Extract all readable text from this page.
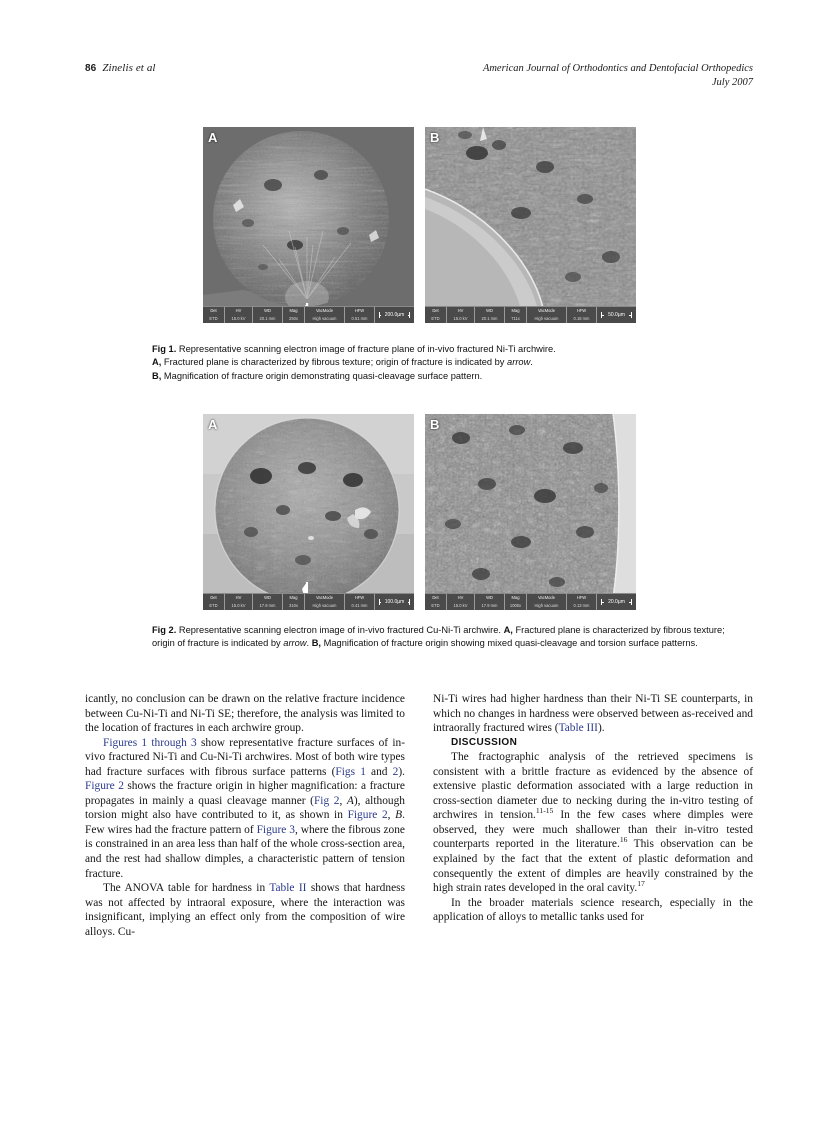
86 Zinelis et al	American Journal of Orthodontics and Dentofacial Orthopedics
July 2007
A
Det
ETD
HV
15.0 kV
WD
20.1 mm
Mag
250x
VacMode
High vacuum
HFW
0.51 mm
200.0µm
B
Det
ETD
HV
15.0 kV
WD
20.1 mm
Mag
711x
VacMode
High vacuum
HFW
0.18 mm
50.0µm
Fig 1. Representative scanning electron image of fracture plane of in-vivo fractured Ni-Ti archwire.
A, Fractured plane is characterized by fibrous texture; origin of fracture is indicated by arrow.
B, Magnification of fracture origin demonstrating quasi-cleavage surface pattern.
A
Det
ETD
HV
15.0 kV
WD
17.9 mm
Mag
310x
VacMode
High vacuum
HFW
0.41 mm
100.0µm
B
Det
ETD
HV
15.0 kV
WD
17.9 mm
Mag
1000x
VacMode
High vacuum
HFW
0.13 mm
20.0µm
Fig 2. Representative scanning electron image of in-vivo fractured Cu-Ni-Ti archwire. A, Fractured plane is characterized by fibrous texture; origin of fracture is indicated by arrow. B, Magnification of fracture origin showing mixed quasi-cleavage and torsion surface patterns.

icantly, no conclusion can be drawn on the relative fracture incidence between Cu-Ni-Ti and Ni-Ti SE; therefore, the analysis was limited to the location of fractures in each archwire group.

Figures 1 through 3 show representative fracture surfaces of in-vivo fractured Ni-Ti and Cu-Ni-Ti archwires. Most of both wire types had fracture surfaces with fibrous surface patterns (Figs 1 and 2). Figure 2 shows the fracture origin in higher magnification: a fracture propagates in mainly a quasi cleavage manner (Fig 2, A), although torsion might also have contributed to it, as shown in Figure 2, B. Few wires had the fracture pattern of Figure 3, where the fibrous zone is constrained in an area less than half of the whole cross-section area, and the rest had shallow dimples, a characteristic pattern of tension fracture.

The ANOVA table for hardness in Table II shows that hardness was not affected by intraoral exposure, where the interaction was insignificant, implying an effect only from the composition of wire alloys. Cu-

Ni-Ti wires had higher hardness than their Ni-Ti SE counterparts, in which no changes in hardness were observed between as-received and intraorally fractured wires (Table III).

DISCUSSION

The fractographic analysis of the retrieved specimens is consistent with a brittle fracture as evidenced by the absence of extensive plastic deformation associated with a large reduction in cross-section diameter due to necking during the in-vitro testing of archwires in tension.$^{11-15}$ In the few cases where dimples were observed, they were much shallower than their in-vitro tested counterparts reported in the literature.$^{16}$ This observation can be explained by the fact that the extent of plastic deformation and consequently the extent of dimples are heavily constrained by the high strain rates developed in the oral cavity.$^{17}$

In the broader materials science research, especially in the application of alloys to metallic tanks used for
